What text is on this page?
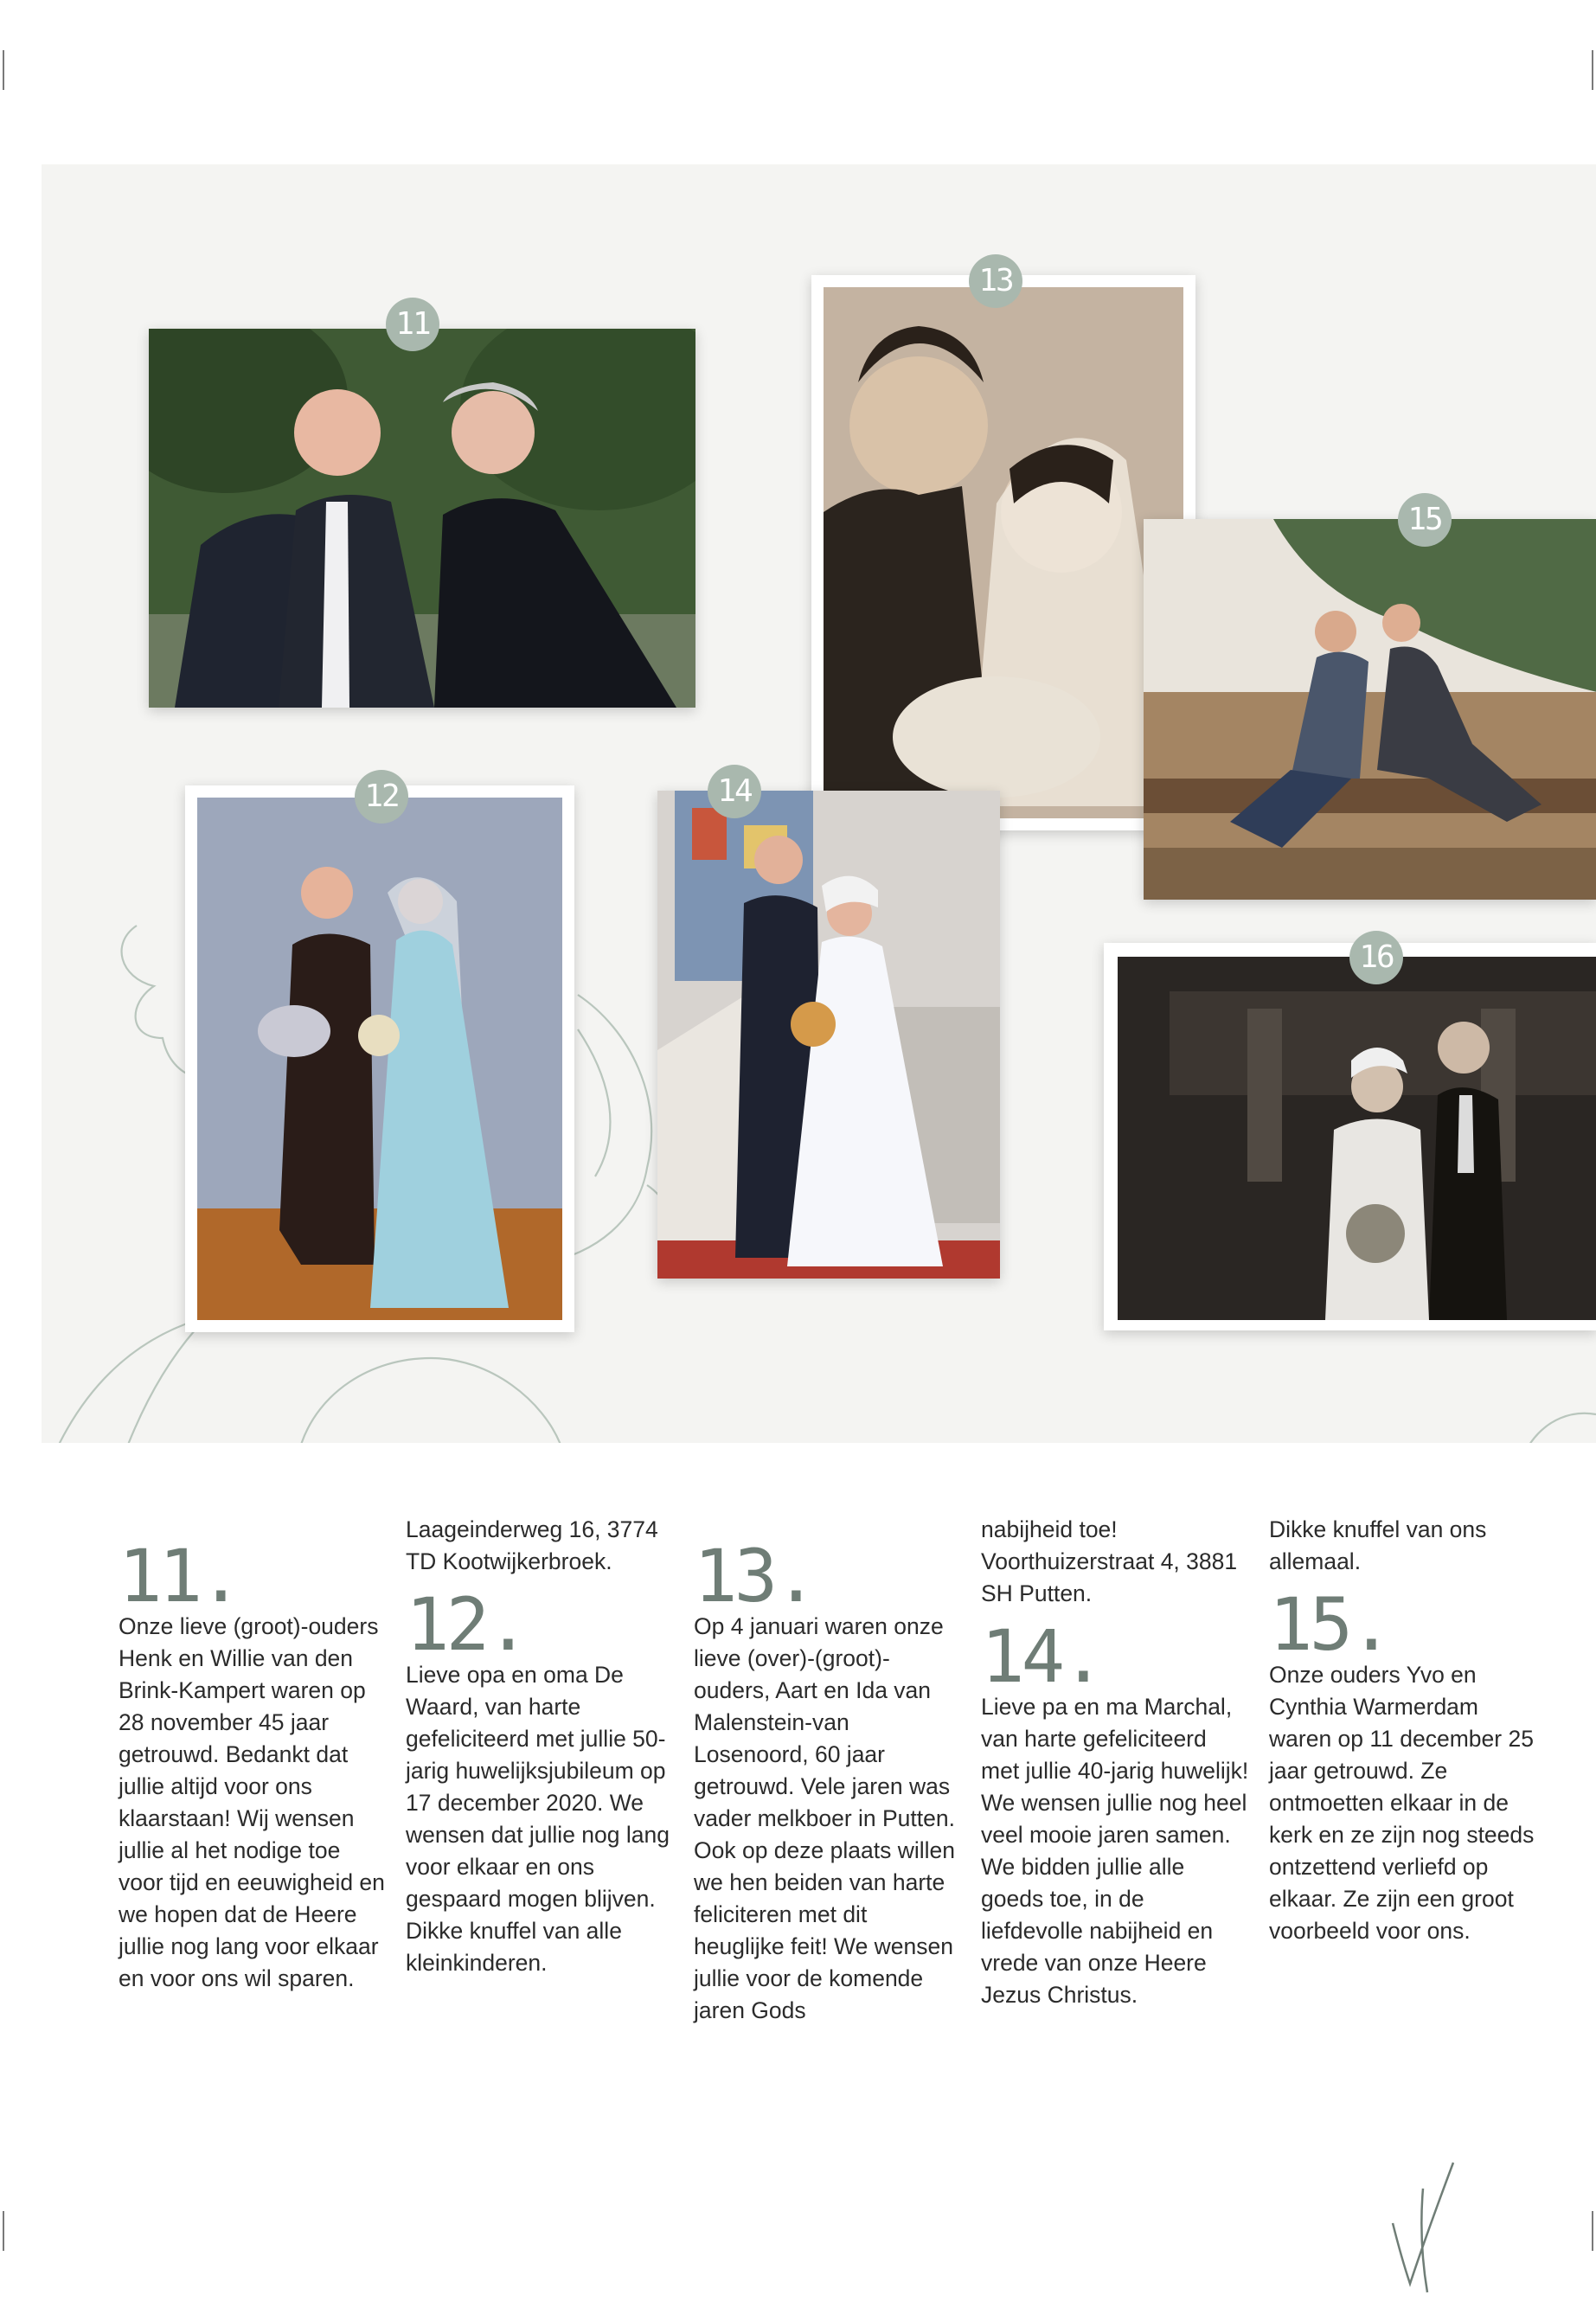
11
12
13
14
15
16
11.

Onze lieve (groot)-ouders Henk en Willie van den Brink-Kampert waren op 28 november 45 jaar getrouwd. Bedankt dat jullie altijd voor ons klaarstaan! Wij wensen jullie al het nodige toe voor tijd en eeuwigheid en we hopen dat de Heere jullie nog lang voor elkaar en voor ons wil sparen.

Laageinderweg 16, 3774 TD Kootwijkerbroek.

12.

Lieve opa en oma De Waard, van harte gefeliciteerd met jullie 50-jarig huwelijksjubileum op 17 december 2020. We wensen dat jullie nog lang voor elkaar en ons gespaard mogen blijven. Dikke knuffel van alle kleinkinderen.

13.

Op 4 januari waren onze lieve (over)-(groot)-ouders, Aart en Ida van Malenstein-van Losenoord, 60 jaar getrouwd. Vele jaren was vader melkboer in Putten. Ook op deze plaats willen we hen beiden van harte feliciteren met dit heuglijke feit! We wensen jullie voor de komende jaren Gods

nabijheid toe! Voorthuizerstraat 4, 3881 SH Putten.

14.

Lieve pa en ma Marchal, van harte gefeliciteerd met jullie 40-jarig huwelijk! We wensen jullie nog heel veel mooie jaren samen. We bidden jullie alle goeds toe, in de liefdevolle nabijheid en vrede van onze Heere Jezus Christus.

Dikke knuffel van ons allemaal.

15.

Onze ouders Yvo en Cynthia Warmerdam waren op 11 december 25 jaar getrouwd. Ze ontmoetten elkaar in de kerk en ze zijn nog steeds ontzettend verliefd op elkaar. Ze zijn een groot voorbeeld voor ons.
